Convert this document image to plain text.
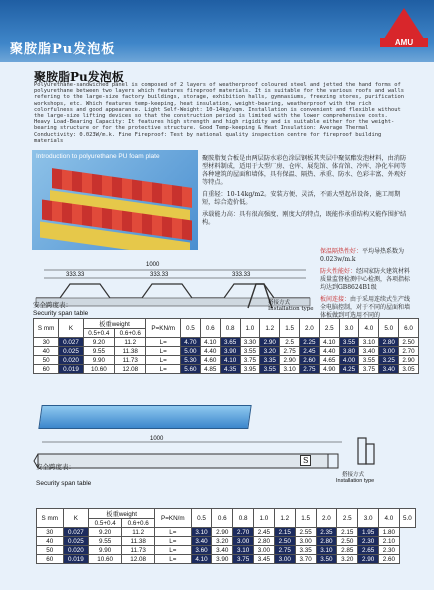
聚胺脂Pu发泡板	AMU
聚胺脂Pu发泡板
Polyurethane-sandwiched panel is composed of 2 layers of weatherproof coloured steel and jetted the hand forms of polyurethane between two layers which features fireproof materials. It is suitable for the various roofs and walls refering to the large-size factory buildings, storage, exhibition halls, gymnasiums, freezing stores, purification workshops, etc. Which features temp-keeping, heat insulation, weight-bearing, weatherproof with the rich colorfulness and good appearance. Light Self-Weight: 10-14kg/sqm. Installation is convenient and flexible without the large-size lifting devices so that the construction period is limited with the lower comprehensive costs. Heavy Load-Bearing Capacity: It features high strength and high rigidity and is suitable either for the weight-bearing structure or for the protective structure. Good Temp-keeping & Heat Insulation: Average Thermal Conductivity: 0.023W/m.k. Fine Fireproof: Test by national quality inspection centre for fireproof building materials
Introduction to polyurethane PU foam plate	聚胺脂复合板是由两层防水彩色涂层钢板其夹层中聚氨酯发泡材料，由消防型材料制成，适用于大型厂房、仓库、展览馆、体育馆、冷库、净化车间等各种建筑的屋面和墙体，具有保温、隔热、承重、防水、色彩丰富、外观好等特点。

自重轻：10-14kg/m2。安装方便、灵活，不需大型起吊设备，施工周期短，综合造价低。

承载能力高：具有很高强度、刚度大的特点，既能作承重结构又能作围护结构。

1000
333.33	333.33	333.33
搭接方式
Installation type

保温隔热性好：平均导热系数为0.023w/m.k

防火性能好：经国家防火建筑材料质量监督检测中心检测，各项指标均达到GB8624B1级

板间连接：由于采用连续式生产线全电脑控制，对于不同的屋面和墙体板做到可选用不同的

安全跨度表：
Security span table
S mm	K	板重weight		P=KN/m	0.5	0.6	0.8	1.0	1.2	1.5	2.0	2.5	3.0	4.0	5.0	6.0
		0.5+0.4	0.6+0.6													
30	0.027	9.20	11.2	L=	4.70	4.10	3.65	3.30	2.90	2.5	2.25	4.10	3.55	3.10	2.80	2.50
40	0.025	9.55	11.38	L=	5.00	4.40	3.90	3.55	3.20	2.75	2.45	4.40	3.80	3.40	3.00	2.70
50	0.020	9.90	11.73	L=	5.30	4.60	4.10	3.75	3.35	2.90	2.60	4.65	4.00	3.55	3.25	2.90
60	0.019	10.60	12.08	L=	5.60	4.85	4.35	3.95	3.55	3.10	2.75	4.90	4.25	3.75	3.40	3.05
1000
S
安全跨度表：
Security span table
搭接方式
Installation type
S mm	K	板重weight		P=KN/m	0.5	0.6	0.8	1.0	1.2	1.5	2.0	2.5	3.0	4.0	5.0
		0.5+0.4	0.6+0.6												
30	0.027	9.20	11.2	L=	3.10	2.90	2.70	2.45	2.15	2.55	2.35	2.15	1.95	1.80	
40	0.025	9.55	11.38	L=	3.40	3.20	3.00	2.80	2.50	3.00	2.80	2.50	2.30	2.10	
50	0.020	9.90	11.73	L=	3.60	3.40	3.10	3.00	2.75	3.35	3.10	2.85	2.65	2.30	
60	0.019	10.60	12.08	L=	4.10	3.90	3.75	3.45	3.00	3.70	3.50	3.20	2.90	2.60	
